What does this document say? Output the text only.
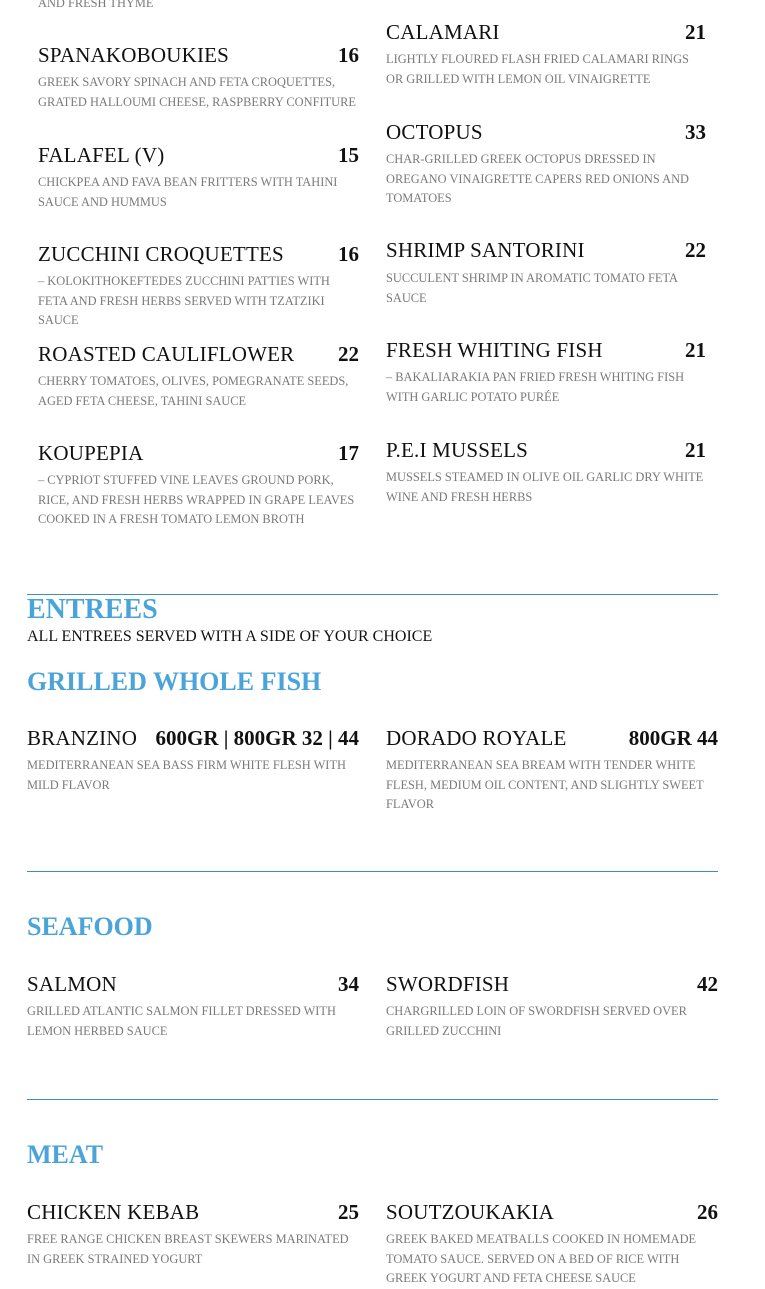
AND FRESH THYME
SPANAKOBOUKIES	16
GREEK SAVORY SPINACH AND FETA CROQUETTES, GRATED HALLOUMI CHEESE, RASPBERRY CONFITURE
FALAFEL (V)	15
CHICKPEA AND FAVA BEAN FRITTERS WITH TAHINI SAUCE AND HUMMUS
ZUCCHINI CROQUETTES	16
– KOLOKITHOKEFTEDES ZUCCHINI PATTIES WITH FETA AND FRESH HERBS SERVED WITH TZATZIKI SAUCE
ROASTED CAULIFLOWER	22
CHERRY TOMATOES, OLIVES, POMEGRANATE SEEDS, AGED FETA CHEESE, TAHINI SAUCE
KOUPEPIA	17
– CYPRIOT STUFFED VINE LEAVES GROUND PORK, RICE, AND FRESH HERBS WRAPPED IN GRAPE LEAVES COOKED IN A FRESH TOMATO LEMON BROTH
CALAMARI	21
LIGHTLY FLOURED FLASH FRIED CALAMARI RINGS OR GRILLED WITH LEMON OIL VINAIGRETTE
OCTOPUS	33
CHAR-GRILLED GREEK OCTOPUS DRESSED IN OREGANO VINAIGRETTE CAPERS RED ONIONS AND TOMATOES
SHRIMP SANTORINI	22
SUCCULENT SHRIMP IN AROMATIC TOMATO FETA SAUCE
FRESH WHITING FISH	21
– BAKALIARAKIA PAN FRIED FRESH WHITING FISH WITH GARLIC POTATO PURÉE
P.E.I MUSSELS	21
MUSSELS STEAMED IN OLIVE OIL GARLIC DRY WHITE WINE AND FRESH HERBS
ENTREES
ALL ENTREES SERVED WITH A SIDE OF YOUR CHOICE
GRILLED WHOLE FISH
BRANZINO 600GR | 800GR 32 | 44
MEDITERRANEAN SEA BASS FIRM WHITE FLESH WITH MILD FLAVOR
DORADO ROYALE	800GR 44
MEDITERRANEAN SEA BREAM WITH TENDER WHITE FLESH, MEDIUM OIL CONTENT, AND SLIGHTLY SWEET FLAVOR
SEAFOOD
SALMON	34
GRILLED ATLANTIC SALMON FILLET DRESSED WITH LEMON HERBED SAUCE
SWORDFISH	42
CHARGRILLED LOIN OF SWORDFISH SERVED OVER GRILLED ZUCCHINI
MEAT
CHICKEN KEBAB	25
FREE RANGE CHICKEN BREAST SKEWERS MARINATED IN GREEK STRAINED YOGURT
SOUTZOUKAKIA	26
GREEK BAKED MEATBALLS COOKED IN HOMEMADE TOMATO SAUCE. SERVED ON A BED OF RICE WITH GREEK YOGURT AND FETA CHEESE SAUCE
